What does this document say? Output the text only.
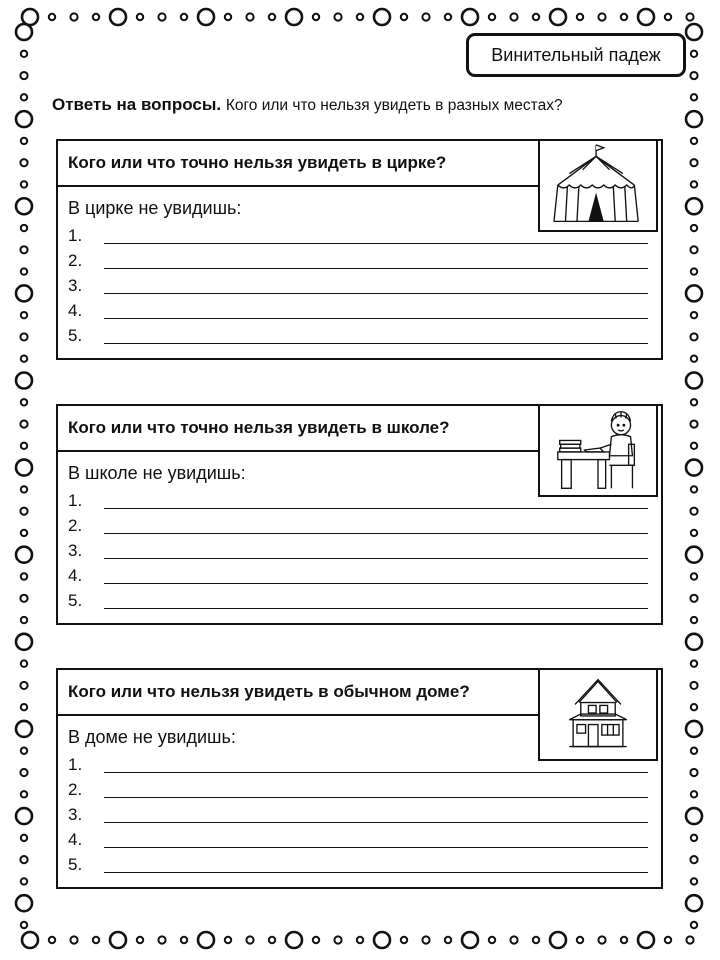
Винительный падеж
Ответь на вопросы. Кого или что нельзя увидеть в разных местах?
Кого или что точно нельзя увидеть в цирке?
В цирке не увидишь:
1.
2.
3.
4.
5.
Кого или что точно нельзя увидеть в школе?
В школе не увидишь:
1.
2.
3.
4.
5.
Кого или что нельзя увидеть в обычном доме?
В доме не увидишь:
1.
2.
3.
4.
5.
